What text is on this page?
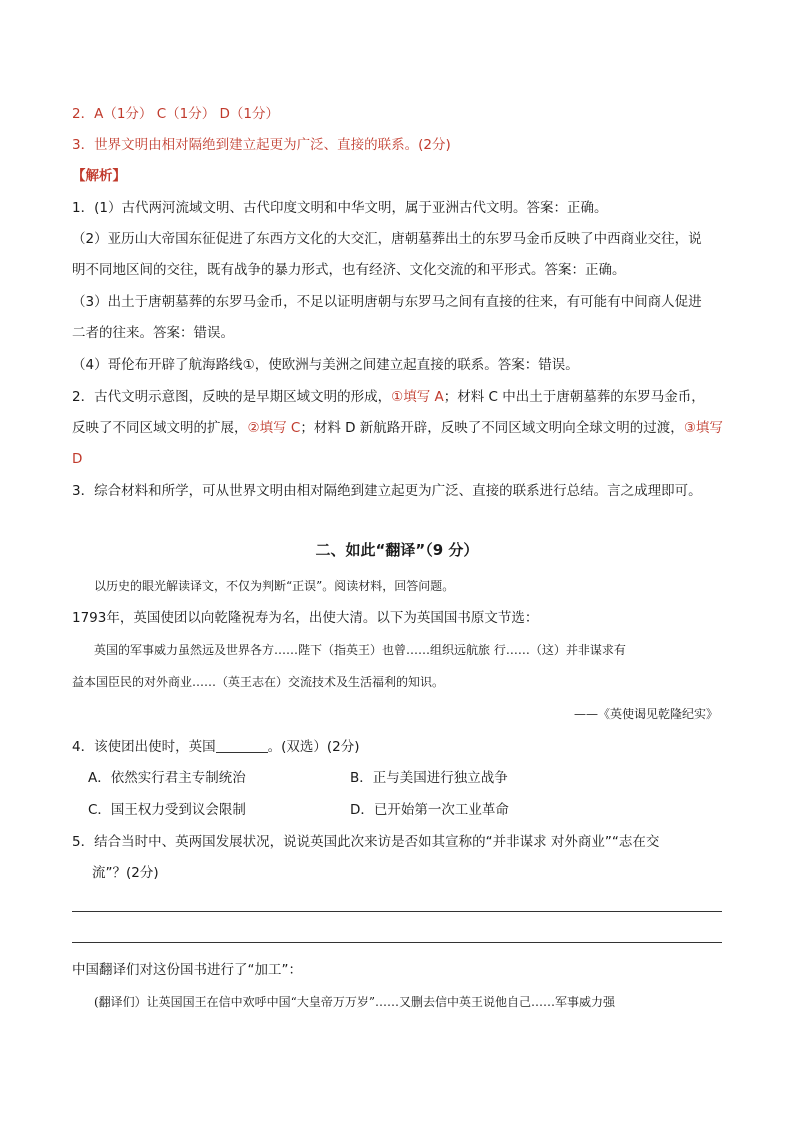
2．A（1分） C（1分） D（1分）
3．世界文明由相对隔绝到建立起更为广泛、直接的联系。(2分)
【解析】
1．(1）古代两河流域文明、古代印度文明和中华文明，属于亚洲古代文明。答案：正确。
（2）亚历山大帝国东征促进了东西方文化的大交汇，唐朝墓葬出土的东罗马金币反映了中西商业交往，说
明不同地区间的交往，既有战争的暴力形式，也有经济、文化交流的和平形式。答案：正确。
（3）出土于唐朝墓葬的东罗马金币，不足以证明唐朝与东罗马之间有直接的往来，有可能有中间商人促进
二者的往来。答案：错误。
（4）哥伦布开辟了航海路线①，使欧洲与美洲之间建立起直接的联系。答案：错误。
2．古代文明示意图，反映的是早期区域文明的形成，①填写 A；材料 C 中出土于唐朝墓葬的东罗马金币，
反映了不同区域文明的扩展，②填写 C；材料 D 新航路开辟，反映了不同区域文明向全球文明的过渡，③填写
D
3．综合材料和所学，可从世界文明由相对隔绝到建立起更为广泛、直接的联系进行总结。言之成理即可。
二、如此“翻译”（9 分）
以历史的眼光解读译文，不仅为判断“正误”。阅读材料，回答问题。
1793年，英国使团以向乾隆祝寿为名，出使大清。以下为英国国书原文节选：
英国的军事威力虽然远及世界各方……陛下（指英王）也曾……组织远航旅 行……（这）并非谋求有
益本国臣民的对外商业……（英王志在）交流技术及生活福利的知识。
——《英使谒见乾隆纪实》
4．该使团出使时，英国	。(双选）(2分)
A．依然实行君主专制统治	B．正与美国进行独立战争
C．国王权力受到议会限制	D．已开始第一次工业革命
5．结合当时中、英两国发展状况，说说英国此次来访是否如其宣称的“并非谋求 对外商业”“志在交
流”？(2分)
中国翻译们对这份国书进行了“加工”：
(翻译们）让英国国王在信中欢呼中国“大皇帝万万岁”……又删去信中英王说他自己……军事威力强
